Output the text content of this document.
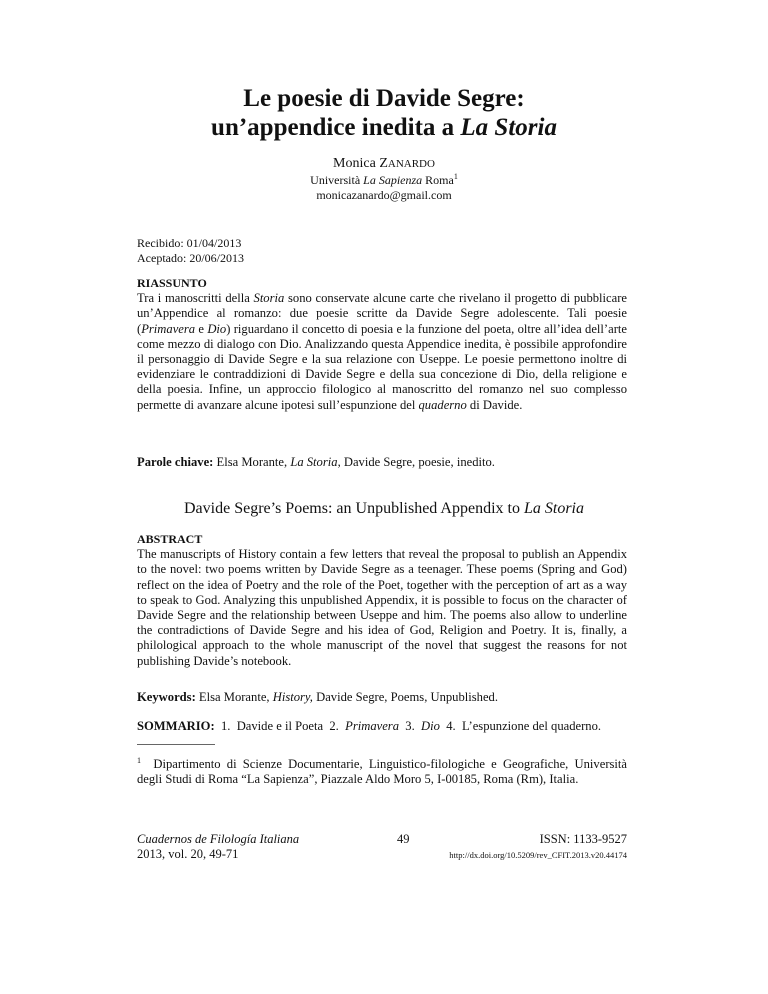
Le poesie di Davide Segre:
un’appendice inedita a La Storia
Monica ZANARDO
Università La Sapienza Roma$^1$
monicazanardo@gmail.com
Recibido: 01/04/2013
Aceptado: 20/06/2013
RIASSUNTO
Tra i manoscritti della Storia sono conservate alcune carte che rivelano il progetto di pubblicare un’Appendice al romanzo: due poesie scritte da Davide Segre adolescente. Tali poesie (Primavera e Dio) riguardano il concetto di poesia e la funzione del poeta, oltre all’idea dell’arte come mezzo di dialogo con Dio. Analizzando questa Appendice inedita, è possibile approfondire il personaggio di Davide Segre e la sua relazione con Useppe. Le poesie permettono inoltre di evidenziare le contraddizioni di Davide Segre e della sua concezione di Dio, della religione e della poesia. Infine, un approccio filologico al manoscritto del romanzo nel suo complesso permette di avanzare alcune ipotesi sull’espunzione del quaderno di Davide.
Parole chiave: Elsa Morante, La Storia, Davide Segre, poesie, inedito.
Davide Segre’s Poems: an Unpublished Appendix to La Storia
ABSTRACT
The manuscripts of History contain a few letters that reveal the proposal to publish an Appendix to the novel: two poems written by Davide Segre as a teenager. These poems (Spring and God) reflect on the idea of Poetry and the role of the Poet, together with the perception of art as a way to speak to God. Analyzing this unpublished Appendix, it is possible to focus on the character of Davide Segre and the relationship between Useppe and him. The poems also allow to underline the contradictions of Davide Segre and his idea of God, Religion and Poetry. It is, finally, a philological approach to the whole manuscript of the novel that suggest the reasons for not publishing Davide’s notebook.
Keywords: Elsa Morante, History, Davide Segre, Poems, Unpublished.
SOMMARIO:  1.  Davide e il Poeta  2.  Primavera  3.  Dio  4.  L’espunzione del quaderno.
$^1$  Dipartimento di Scienze Documentarie, Linguistico-filologiche e Geografiche, Università degli Studi di Roma “La Sapienza”, Piazzale Aldo Moro 5, I-00185, Roma (Rm), Italia.
Cuadernos de Filología Italiana
2013, vol. 20, 49-71
49	ISSN: 1133-9527
http://dx.doi.org/10.5209/rev_CFIT.2013.v20.44174
